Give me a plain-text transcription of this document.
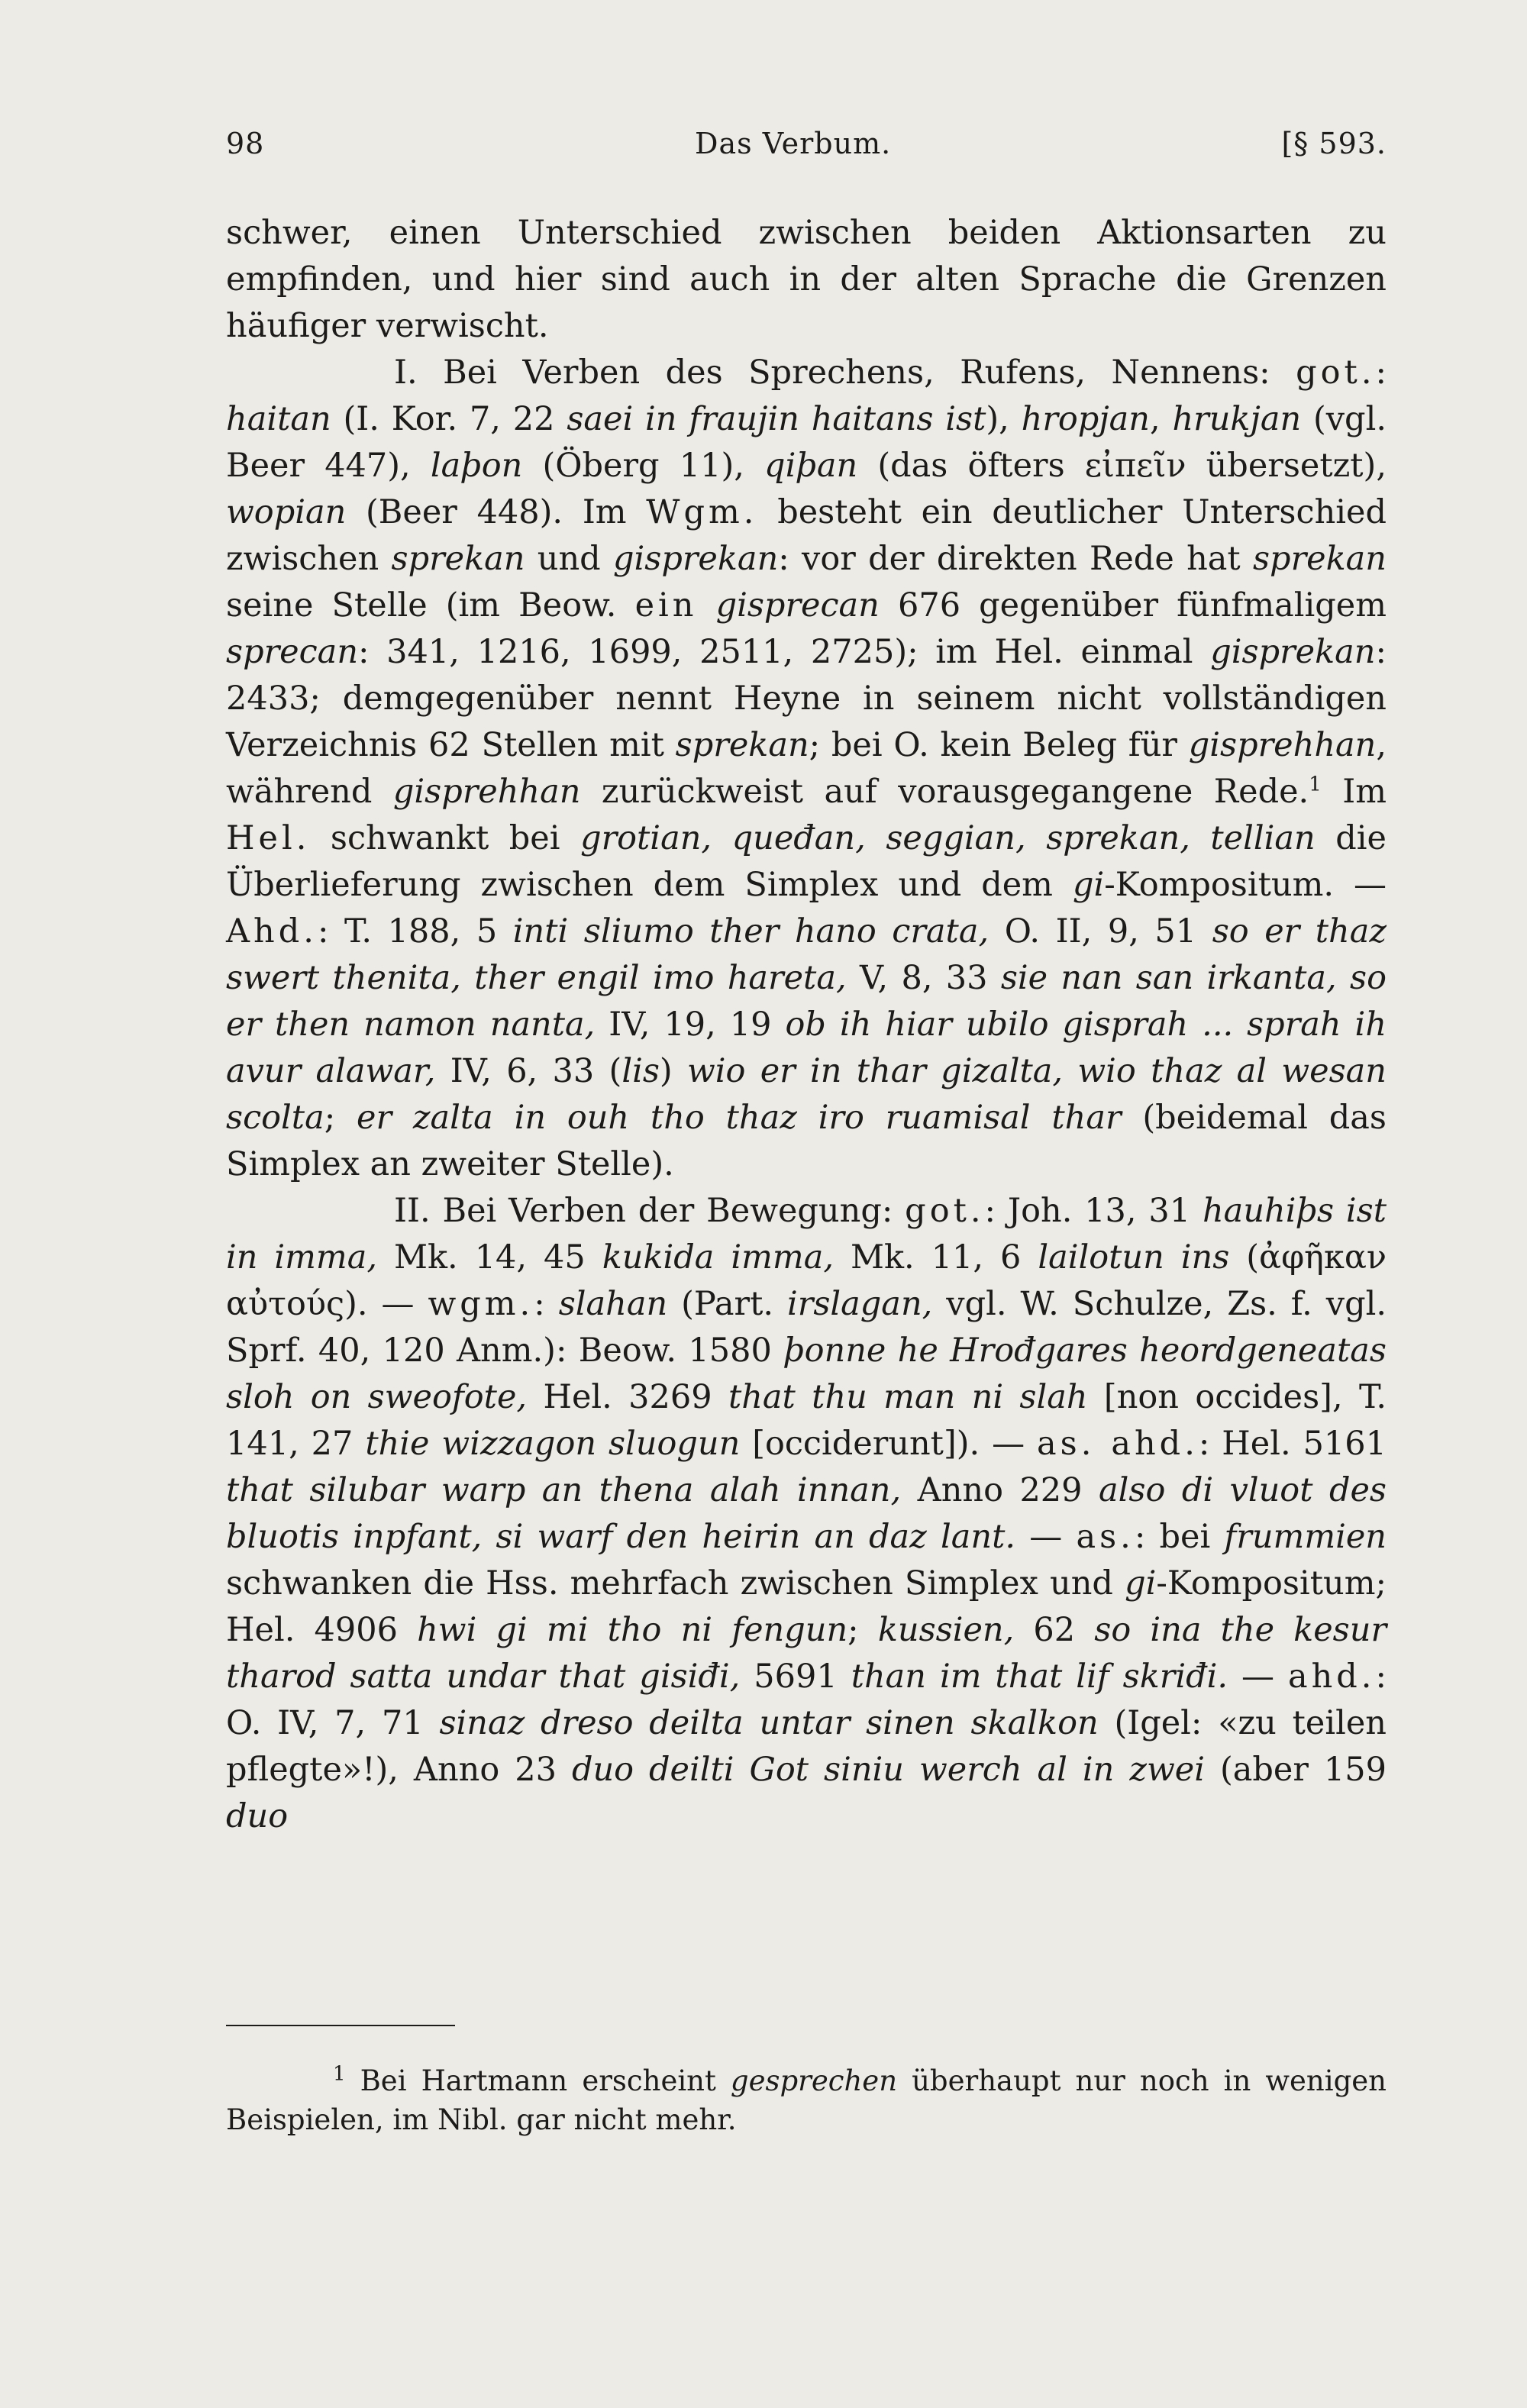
98	Das Verbum.	[§ 593.

schwer, einen Unterschied zwischen beiden Aktionsarten zu empfinden, und hier sind auch in der alten Sprache die Grenzen häufiger verwischt.

I. Bei Verben des Sprechens, Rufens, Nennens: got.: haitan (I. Kor. 7, 22 saei in fraujin haitans ist), hropjan, hrukjan (vgl. Beer 447), laþon (Öberg 11), qiþan (das öfters εἰπεῖν übersetzt), wopian (Beer 448). Im Wgm. besteht ein deutlicher Unterschied zwischen sprekan und gisprekan: vor der direkten Rede hat sprekan seine Stelle (im Beow. ein gisprecan 676 gegenüber fünfmaligem sprecan: 341, 1216, 1699, 2511, 2725); im Hel. einmal gisprekan: 2433; demgegenüber nennt Heyne in seinem nicht vollständigen Verzeichnis 62 Stellen mit sprekan; bei O. kein Beleg für gisprehhan, während gisprehhan zurückweist auf vorausgegangene Rede.$^1$ Im Hel. schwankt bei grotian, queđan, seggian, sprekan, tellian die Überlieferung zwischen dem Simplex und dem gi-Kompositum. — Ahd.: T. 188, 5 inti sliumo ther hano crata, O. II, 9, 51 so er thaz swert thenita, ther engil imo hareta, V, 8, 33 sie nan san irkanta, so er then namon nanta, IV, 19, 19 ob ih hiar ubilo gisprah ... sprah ih avur alawar, IV, 6, 33 (lis) wio er in thar gizalta, wio thaz al wesan scolta; er zalta in ouh tho thaz iro ruamisal thar (beidemal das Simplex an zweiter Stelle).

II. Bei Verben der Bewegung: got.: Joh. 13, 31 hauhiþs ist in imma, Mk. 14, 45 kukida imma, Mk. 11, 6 lailotun ins (ἀφῆκαν αὐτούς). — wgm.: slahan (Part. irslagan, vgl. W. Schulze, Zs. f. vgl. Sprf. 40, 120 Anm.): Beow. 1580 þonne he Hrođgares heordgeneatas sloh on sweofote, Hel. 3269 that thu man ni slah [non occides], T. 141, 27 thie wizzagon sluogun [occiderunt]). — as. ahd.: Hel. 5161 that silubar warp an thena alah innan, Anno 229 also di vluot des bluotis inpfant, si warf den heirin an daz lant. — as.: bei frummien schwanken die Hss. mehrfach zwischen Simplex und gi-Kompositum; Hel. 4906 hwi gi mi tho ni fengun; kussien, 62 so ina the kesur tharod satta undar that gisiđi, 5691 than im that lif skriđi. — ahd.: O. IV, 7, 71 sinaz dreso deilta untar sinen skalkon (Igel: «zu teilen pflegte»!), Anno 23 duo deilti Got siniu werch al in zwei (aber 159 duo

$^1$ Bei Hartmann erscheint gesprechen überhaupt nur noch in wenigen Beispielen, im Nibl. gar nicht mehr.
